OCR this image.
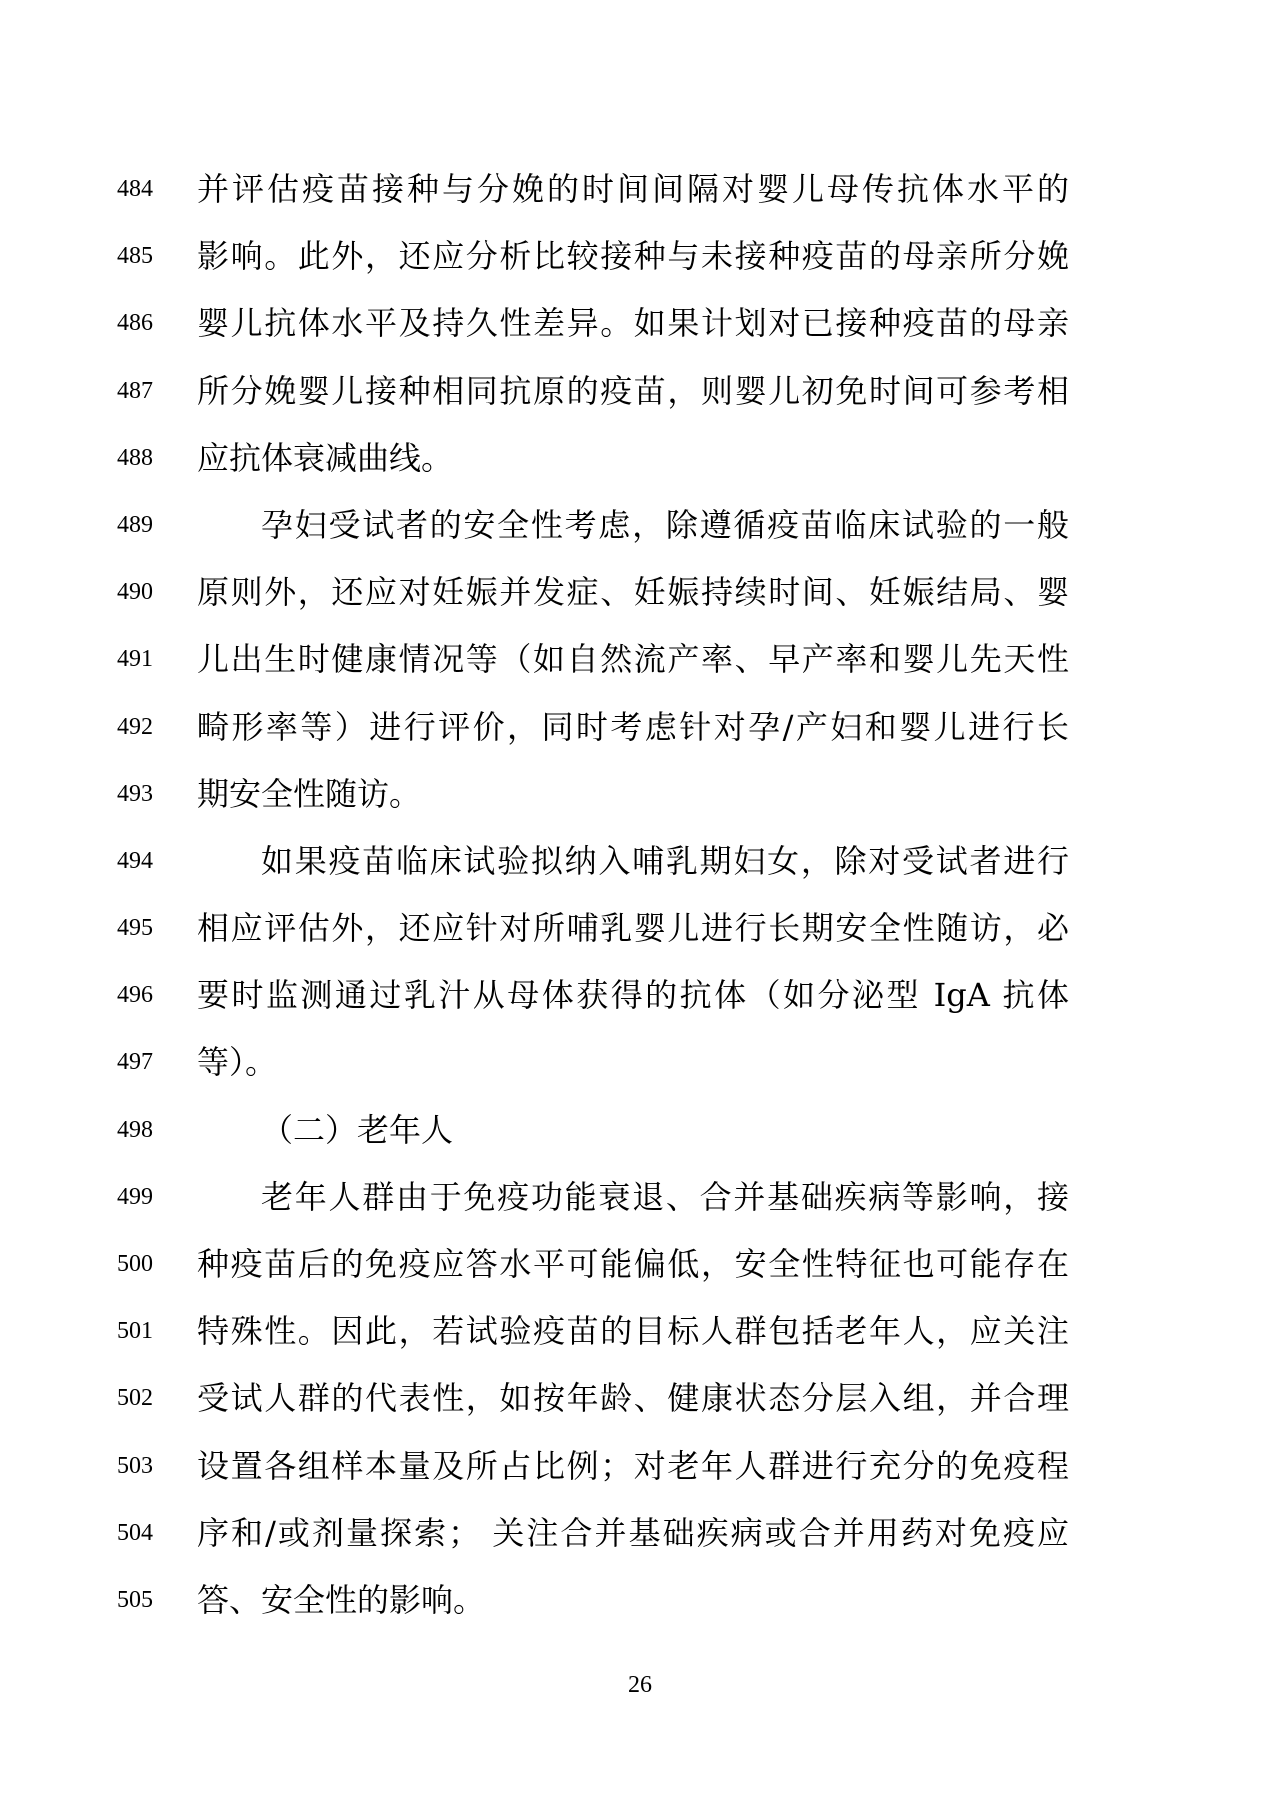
484 并评估疫苗接种与分娩的时间间隔对婴儿母传抗体水平的
485 影响。此外，还应分析比较接种与未接种疫苗的母亲所分娩
486 婴儿抗体水平及持久性差异。如果计划对已接种疫苗的母亲
487 所分娩婴儿接种相同抗原的疫苗，则婴儿初免时间可参考相
488 应抗体衰减曲线。
489	孕妇受试者的安全性考虑，除遵循疫苗临床试验的一般
490 原则外，还应对妊娠并发症、妊娠持续时间、妊娠结局、婴
491 儿出生时健康情况等（如自然流产率、早产率和婴儿先天性
492 畸形率等）进行评价，同时考虑针对孕/产妇和婴儿进行长
493 期安全性随访。
494	如果疫苗临床试验拟纳入哺乳期妇女，除对受试者进行
495 相应评估外，还应针对所哺乳婴儿进行长期安全性随访，必
496 要时监测通过乳汁从母体获得的抗体（如分泌型 IgA 抗体
497 等）。
498	（二）老年人
499	老年人群由于免疫功能衰退、合并基础疾病等影响，接
500 种疫苗后的免疫应答水平可能偏低，安全性特征也可能存在
501 特殊性。因此，若试验疫苗的目标人群包括老年人，应关注
502 受试人群的代表性，如按年龄、健康状态分层入组，并合理
503 设置各组样本量及所占比例；对老年人群进行充分的免疫程
504 序和/或剂量探索； 关注合并基础疾病或合并用药对免疫应
505 答、安全性的影响。
26
